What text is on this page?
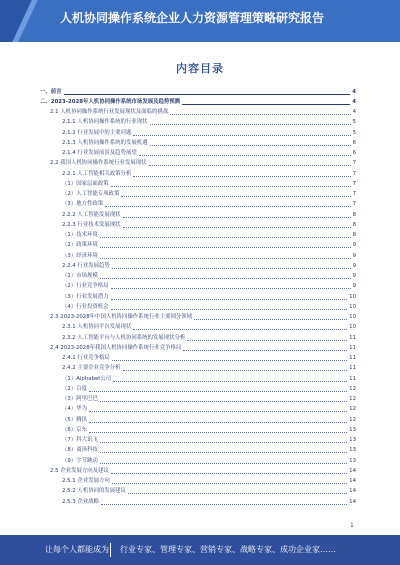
人机协同操作系统企业人力资源管理策略研究报告
内容目录
一、前言	4
二、2023-2028年人机协同操作系统市场发展及趋势预测	4
2.1 人机协同操作系统行业发展现状及面临的挑战	4
2.1.1 人机协同操作系统的行业现状	5
2.1.2 行业发展中的主要问题	5
2.1.3 人机协同操作系统的发展机遇	6
2.1.4 行业发展前景及趋势展望	6
2.2 我国人机协同操作系统行业发展现状	7
2.2.1 人工智能相关政策分析	7
（1）国家层面政策	7
（2）人工智能专项政策	7
（3）地方性政策	7
2.2.2 人工智能发展现状	8
2.2.3 行业技术发展现状	8
（1）技术环境	8
（2）政策环境	9
（3）经济环境	9
2.2.4 行业发展趋势	9
（1）市场规模	9
（2）行业竞争格局	9
（3）行业发展潜力	10
（4）行业投资机会	10
2.3 2023-2028年中国人机协同操作系统行业主要细分领域	10
2.3.1 人机协同平台发展现状	10
2.3.2 人工智能平台与人机协同系统的发展现状分析	11
2.4 2023-2028年我国人机协同操作系统行业竞争格局	11
2.4.1 行业竞争格局	11
2.4.2 主要企业竞争分析	11
（1）Alphabet公司	11
（2）百度	12
（3）阿里巴巴	12
（4）华为	12
（5）腾讯	12
（6）京东	13
（7）科大讯飞	13
（8）商汤科技	13
（9）字节跳动	13
2.5 企业发展方向及建议	14
2.5.1 企业发展方向	14
2.5.2 人机协同的发展建议	14
2.5.3 企业战略	14
1
让每个人都能成为 行业专家、管理专家、营销专家、战略专家、成功企业家……
